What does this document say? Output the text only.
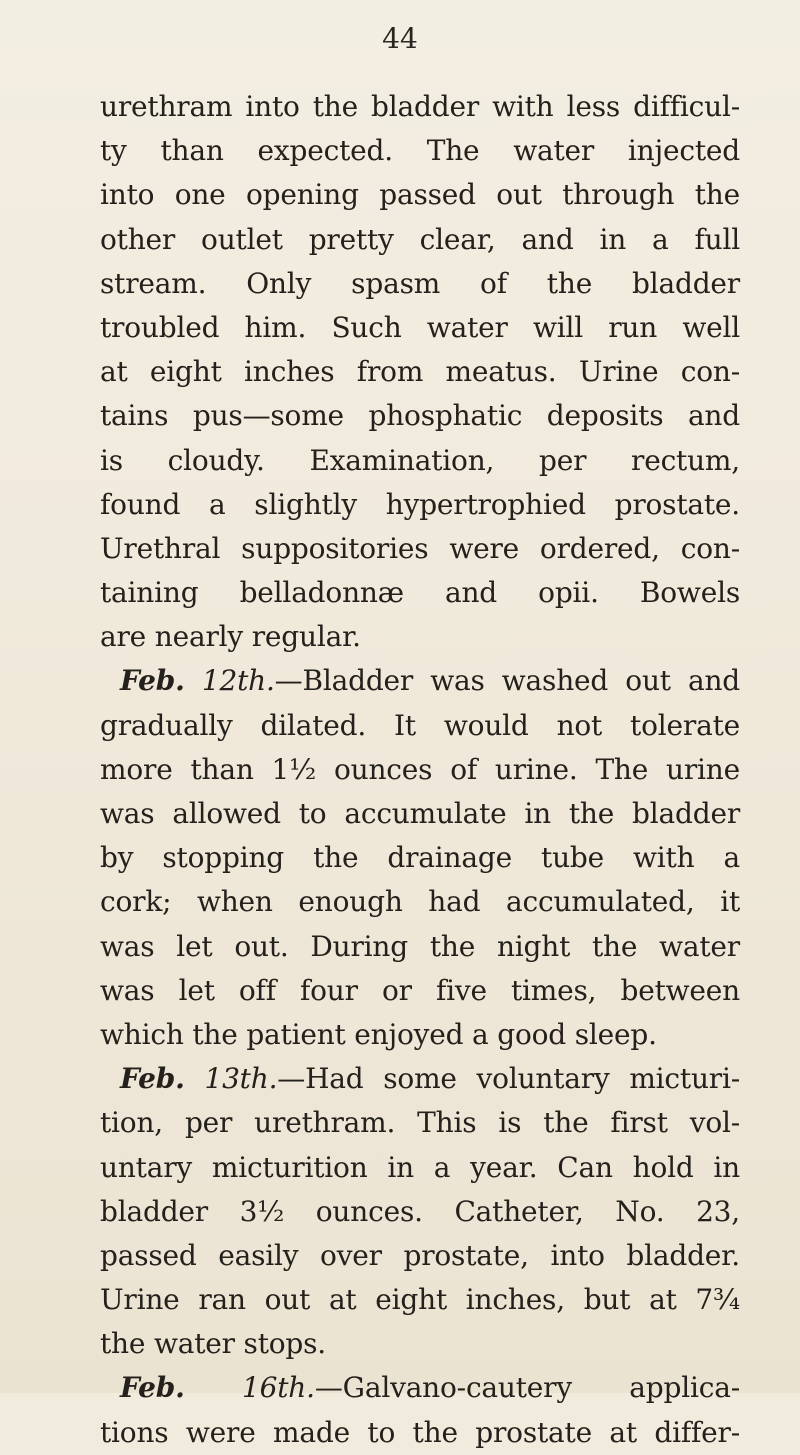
44
urethram into the bladder with less difficul-
ty than expected. The water injected
into one opening passed out through the
other outlet pretty clear, and in a full
stream. Only spasm of the bladder
troubled him. Such water will run well
at eight inches from meatus. Urine con-
tains pus—some phosphatic deposits and
is cloudy. Examination, per rectum,
found a slightly hypertrophied prostate.
Urethral suppositories were ordered, con-
taining belladonnæ and opii. Bowels
are nearly regular.
Feb. 12th.—Bladder was washed out and
gradually dilated. It would not tolerate
more than 1½ ounces of urine. The urine
was allowed to accumulate in the bladder
by stopping the drainage tube with a
cork; when enough had accumulated, it
was let out. During the night the water
was let off four or five times, between
which the patient enjoyed a good sleep.
Feb. 13th.—Had some voluntary micturi-
tion, per urethram. This is the first vol-
untary micturition in a year. Can hold in
bladder 3½ ounces. Catheter, No. 23,
passed easily over prostate, into bladder.
Urine ran out at eight inches, but at 7¾
the water stops.
Feb. 16th.—Galvano-cautery applica-
tions were made to the prostate at differ-
